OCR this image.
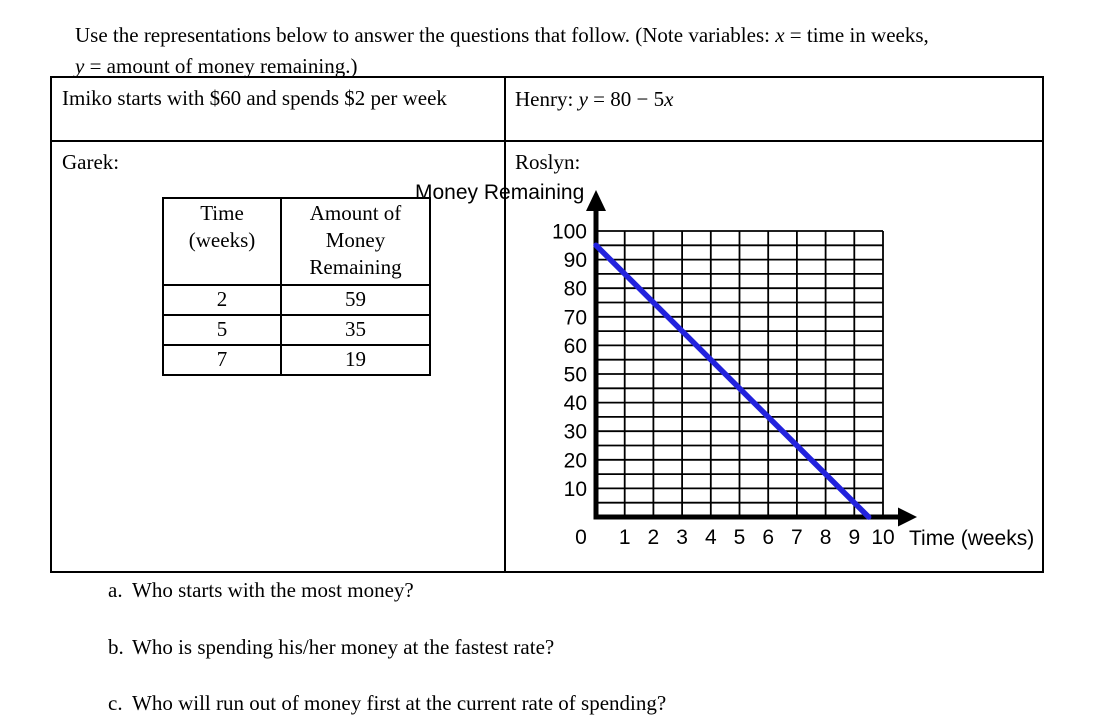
Use the representations below to answer the questions that follow. (Note variables: x = time in weeks,
y = amount of money remaining.)
Imiko starts with $60 and spends $2 per week	Henry: y = 80 − 5x
Garek:	Roslyn:
Time (weeks)	Amount of Money Remaining
2	59
5	35
7	19
10
20
30
40
50
60
70
80
90
100
0 1 2 3 4 5 6 7 8 9 10
Money Remaining
Time (weeks)
a. Who starts with the most money?
b. Who is spending his/her money at the fastest rate?
c. Who will run out of money first at the current rate of spending?
